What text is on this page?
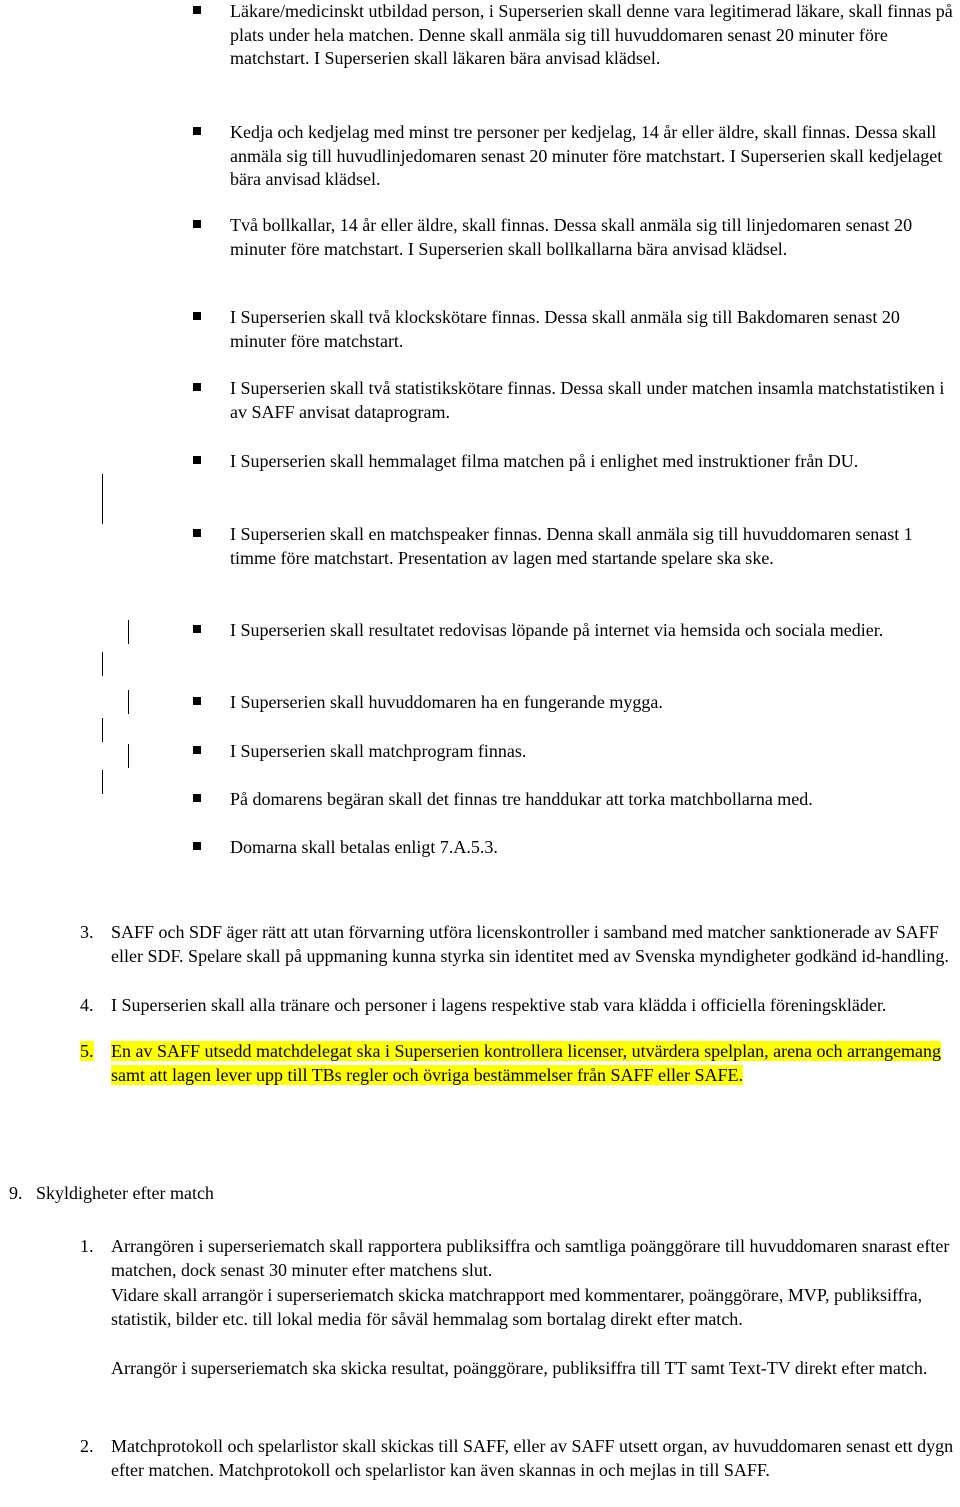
Läkare/medicinskt utbildad person, i Superserien skall denne vara legitimerad läkare, skall finnas på plats under hela matchen. Denne skall anmäla sig till huvuddomaren senast 20 minuter före matchstart. I Superserien skall läkaren bära anvisad klädsel.

Kedja och kedjelag med minst tre personer per kedjelag, 14 år eller äldre, skall finnas. Dessa skall anmäla sig till huvudlinjedomaren senast 20 minuter före matchstart. I Superserien skall kedjelaget bära anvisad klädsel.

Två bollkallar, 14 år eller äldre, skall finnas. Dessa skall anmäla sig till linjedomaren senast 20 minuter före matchstart. I Superserien skall bollkallarna bära anvisad klädsel.

I Superserien skall två klockskötare finnas. Dessa skall anmäla sig till Bakdomaren senast 20 minuter före matchstart.

I Superserien skall två statistikskötare finnas. Dessa skall under matchen insamla matchstatistiken i av SAFF anvisat dataprogram.

I Superserien skall hemmalaget filma matchen på i enlighet med instruktioner från DU.

I Superserien skall en matchspeaker finnas. Denna skall anmäla sig till huvuddomaren senast 1 timme före matchstart. Presentation av lagen med startande spelare ska ske.

I Superserien skall resultatet redovisas löpande på internet via hemsida och sociala medier.

I Superserien skall huvuddomaren ha en fungerande mygga.

I Superserien skall matchprogram finnas.

På domarens begäran skall det finnas tre handdukar att torka matchbollarna med.

Domarna skall betalas enligt 7.A.5.3.

3. SAFF och SDF äger rätt att utan förvarning utföra licenskontroller i samband med matcher sanktionerade av SAFF eller SDF. Spelare skall på uppmaning kunna styrka sin identitet med av Svenska myndigheter godkänd id-handling.

4. I Superserien skall alla tränare och personer i lagens respektive stab vara klädda i officiella föreningskläder.

5. En av SAFF utsedd matchdelegat ska i Superserien kontrollera licenser, utvärdera spelplan, arena och arrangemang samt att lagen lever upp till TBs regler och övriga bestämmelser från SAFF eller SAFE.

9.   Skyldigheter efter match
1. Arrangören i superseriematch skall rapportera publiksiffra och samtliga poänggörare till huvuddomaren snarast efter matchen, dock senast 30 minuter efter matchens slut.

Vidare skall arrangör i superseriematch skicka matchrapport med kommentarer, poänggörare, MVP, publiksiffra, statistik, bilder etc. till lokal media för såväl hemmalag som bortalag direkt efter match.

Arrangör i superseriematch ska skicka resultat, poänggörare, publiksiffra till TT samt Text-TV direkt efter match.

2. Matchprotokoll och spelarlistor skall skickas till SAFF, eller av SAFF utsett organ, av huvuddomaren senast ett dygn efter matchen. Matchprotokoll och spelarlistor kan även skannas in och mejlas in till SAFF.
